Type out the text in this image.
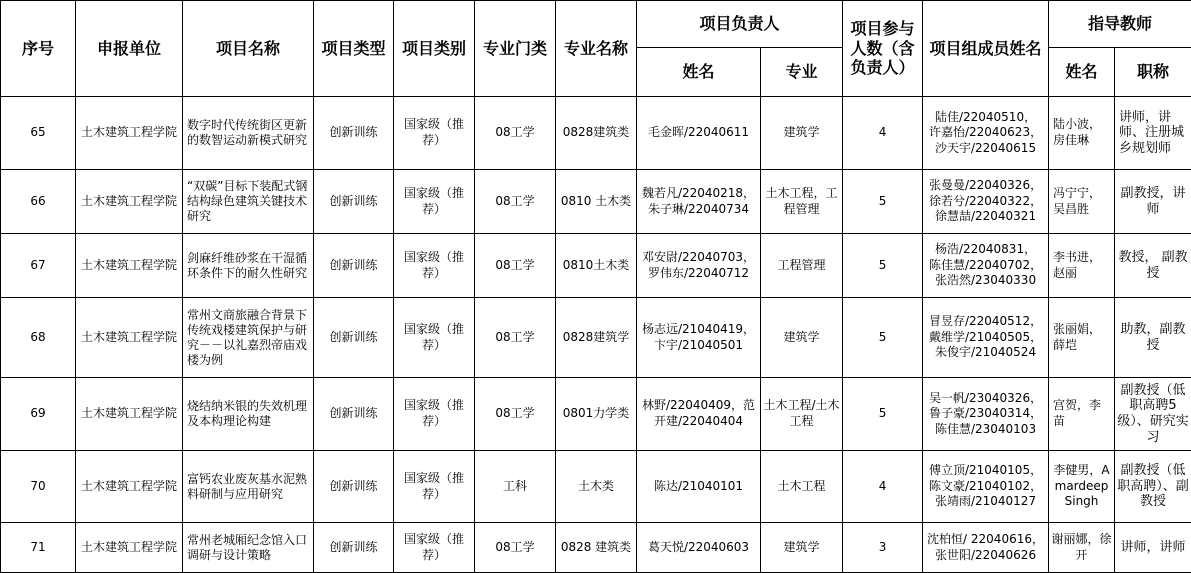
序号	申报单位	项目名称	项目类型	项目类别	专业门类	专业名称	项目负责人		项目参与人数（含负责人）	项目组成员姓名	指导教师	
							姓名	专业			姓名	职称
65	土木建筑工程学院	数字时代传统街区更新的数智运动新模式研究	创新训练	国家级（推荐）	08工学	0828建筑类	毛金晖/22040611	建筑学	4	陆佳/22040510，
许嘉怡/22040623，
沙天宇/22040615	陆小波，房佳琳	讲师，讲师、注册城乡规划师
66	土木建筑工程学院	“双碳”目标下装配式钢结构绿色建筑关键技术研究	创新训练	国家级（推荐）	08工学	0810 土木类	魏若凡/22040218，朱子琳/22040734	土木工程，工程管理	5	张曼曼/22040326，
徐若兮/22040322，
徐慧喆/22040321	冯宁宁，吴昌胜	副教授，讲师
67	土木建筑工程学院	剑麻纤维砂浆在干湿循环条件下的耐久性研究	创新训练	国家级（推荐）	08工学	0810土木类	邓安尉/22040703，罗伟东/22040712	工程管理	5	杨浩/22040831，
陈佳慧/22040702，
张浩然/23040330	李书进，赵丽	教授， 副教授
68	土木建筑工程学院	常州文商旅融合背景下传统戏楼建筑保护与研究－－以礼嘉烈帝庙戏楼为例	创新训练	国家级（推荐）	08工学	0828建筑学	杨志远/21040419，卞宇/21040501	建筑学	5	冒昱存/22040512，
戴维学/21040505，
朱俊宇/21040524	张丽娟，薛垲	助教，副教授
69	土木建筑工程学院	烧结纳米银的失效机理及本构理论构建	创新训练	国家级（推荐）	08工学	0801力学类	林野/22040409，范开建/22040404	土木工程/土木工程	5	吴一帆/23040326，
鲁子豪/23040314，
陈佳慧/23040103	宫贺，李苗	副教授（低职高聘5级）、研究实习
70	土木建筑工程学院	富钙农业废灰基水泥熟料研制与应用研究	创新训练	国家级（推荐）	工科	土木类	陈达/21040101	土木工程	4	傅立顶/21040105，
陈文豪/21040102，
张靖雨/21040127	李健男，Amardeep Singh	副教授（低职高聘）、副教授
71	土木建筑工程学院	常州老城厢纪念馆入口调研与设计策略	创新训练	国家级（推荐）	08工学	0828 建筑类	葛天悦/22040603	建筑学	3	沈柏恒/ 22040616，
张世阳/22040626	谢丽娜，徐开	讲师，讲师
